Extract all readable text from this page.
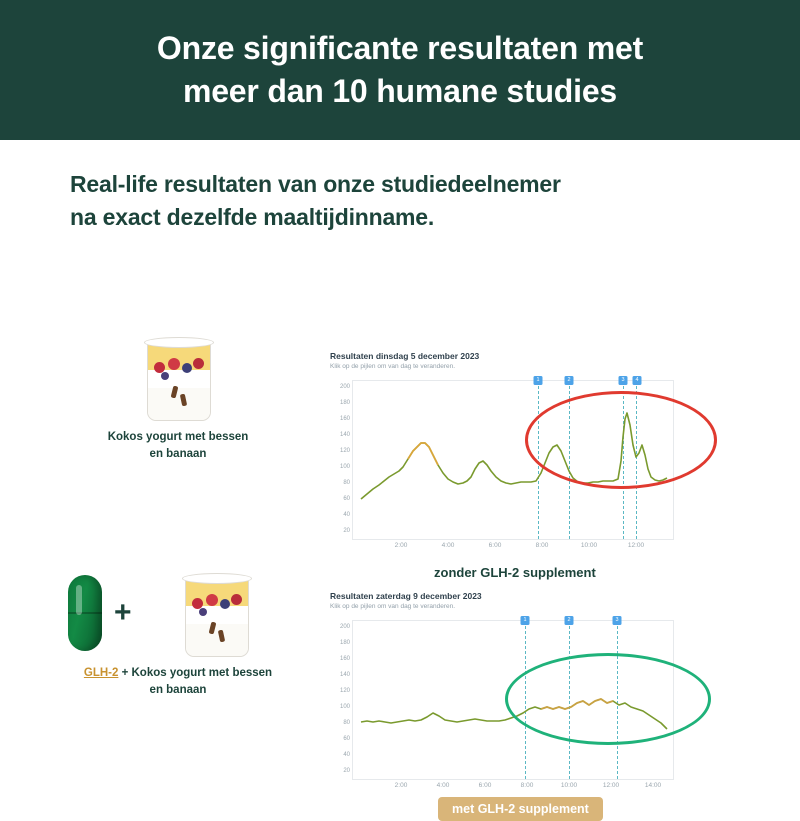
Onze significante resultaten met
meer dan 10 humane studies
Real-life resultaten van onze studiedeelnemer
na exact dezelfde maaltijdinname.
Kokos yogurt met bessen
en banaan
+
GLH-2 + Kokos yogurt met bessen
en banaan
Resultaten dinsdag 5 december 2023
Klik op de pijlen om van dag te veranderen.
200
180
160
140
120
100
80
60
40
20
2:00	4:00	6:00	8:00	10:00	12:00
1	2	3	4
zonder GLH-2 supplement
Resultaten zaterdag 9 december 2023
Klik op de pijlen om van dag te veranderen.
200
180
160
140
120
100
80
60
40
20
2:00	4:00	6:00	8:00	10:00	12:00	14:00
1	2	3
met GLH-2 supplement
